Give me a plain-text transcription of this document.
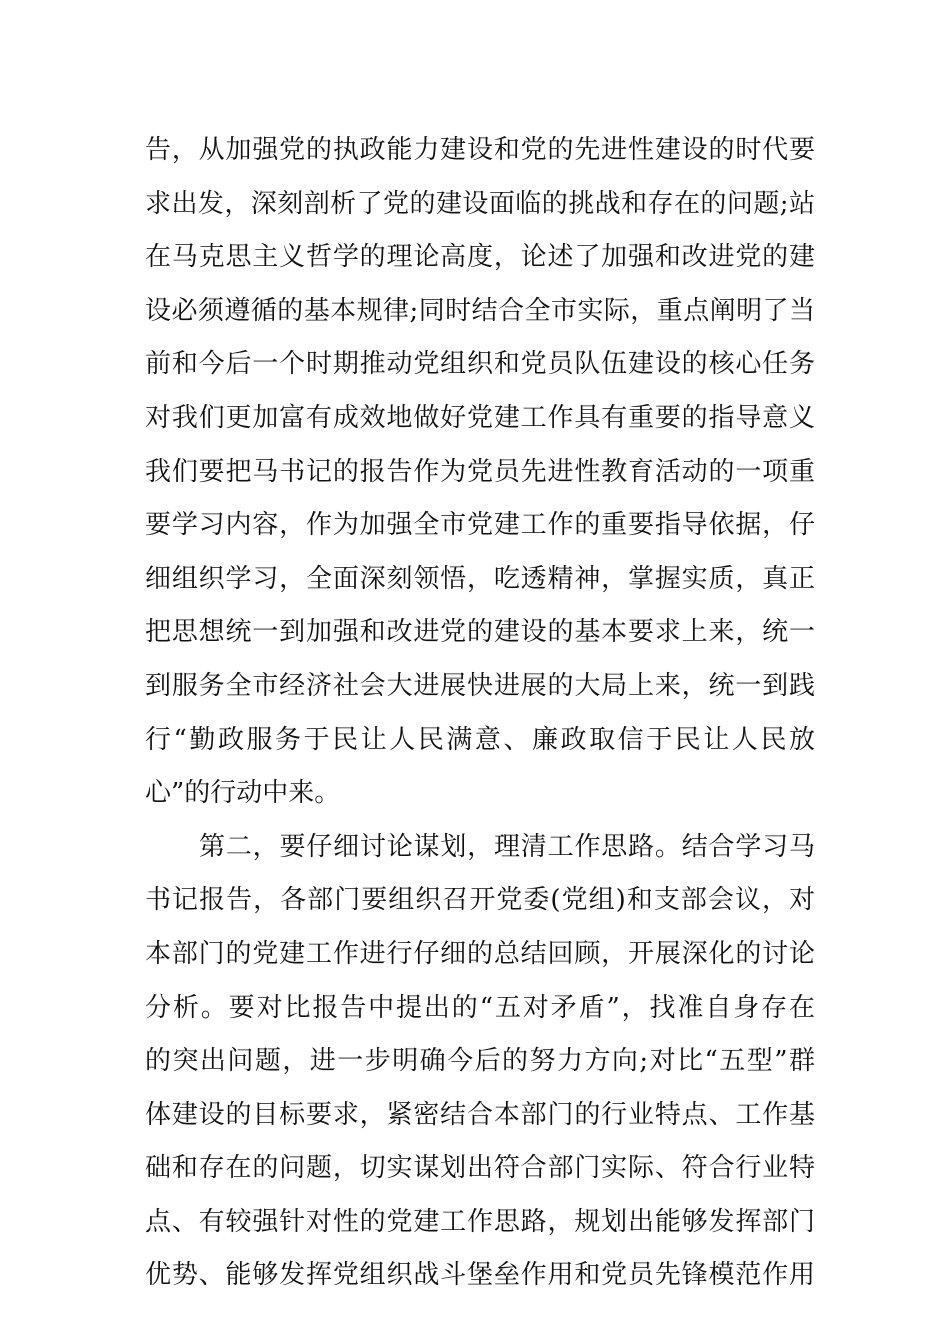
告，从加强党的执政能力建设和党的先进性建设的时代要
求出发，深刻剖析了党的建设面临的挑战和存在的问题;站
在马克思主义哲学的理论高度，论述了加强和改进党的建
设必须遵循的基本规律;同时结合全市实际，重点阐明了当
前和今后一个时期推动党组织和党员队伍建设的核心任务
对我们更加富有成效地做好党建工作具有重要的指导意义
我们要把马书记的报告作为党员先进性教育活动的一项重
要学习内容，作为加强全市党建工作的重要指导依据，仔
细组织学习，全面深刻领悟，吃透精神，掌握实质，真正
把思想统一到加强和改进党的建设的基本要求上来，统一
到服务全市经济社会大进展快进展的大局上来，统一到践
行“勤政服务于民让人民满意、廉政取信于民让人民放
心”的行动中来。
第二，要仔细讨论谋划，理清工作思路。结合学习马
书记报告，各部门要组织召开党委(党组)和支部会议，对
本部门的党建工作进行仔细的总结回顾，开展深化的讨论
分析。要对比报告中提出的“五对矛盾”，找准自身存在
的突出问题，进一步明确今后的努力方向;对比“五型”群
体建设的目标要求，紧密结合本部门的行业特点、工作基
础和存在的问题，切实谋划出符合部门实际、符合行业特
点、有较强针对性的党建工作思路，规划出能够发挥部门
优势、能够发挥党组织战斗堡垒作用和党员先锋模范作用
